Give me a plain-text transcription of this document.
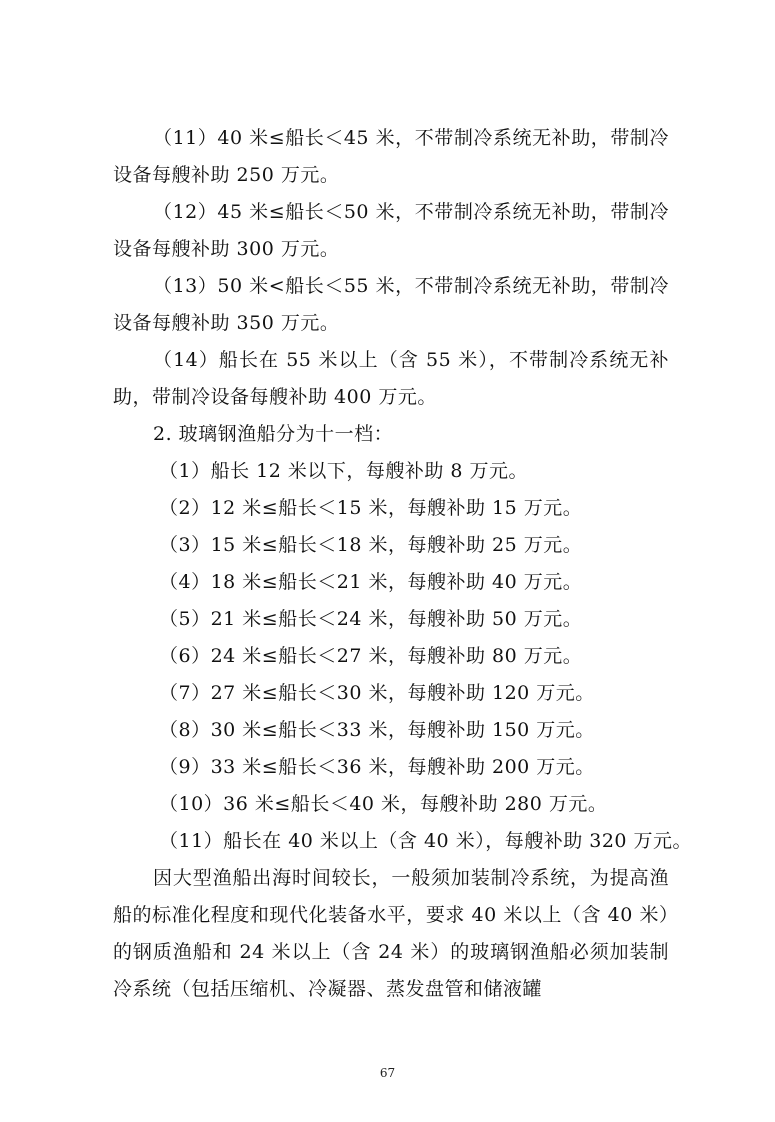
（11）40 米≤船长＜45 米，不带制冷系统无补助，带制冷设备每艘补助 250 万元。

（12）45 米≤船长＜50 米，不带制冷系统无补助，带制冷设备每艘补助 300 万元。

（13）50 米<船长＜55 米，不带制冷系统无补助，带制冷设备每艘补助 350 万元。

（14）船长在 55 米以上（含 55 米），不带制冷系统无补助，带制冷设备每艘补助 400 万元。

2. 玻璃钢渔船分为十一档：

（1）船长 12 米以下，每艘补助 8 万元。

（2）12 米≤船长＜15 米，每艘补助 15 万元。

（3）15 米≤船长＜18 米，每艘补助 25 万元。

（4）18 米≤船长＜21 米，每艘补助 40 万元。

（5）21 米≤船长＜24 米，每艘补助 50 万元。

（6）24 米≤船长＜27 米，每艘补助 80 万元。

（7）27 米≤船长＜30 米，每艘补助 120 万元。

（8）30 米≤船长＜33 米，每艘补助 150 万元。

（9）33 米≤船长＜36 米，每艘补助 200 万元。

（10）36 米≤船长＜40 米，每艘补助 280 万元。

（11）船长在 40 米以上（含 40 米），每艘补助 320 万元。

因大型渔船出海时间较长，一般须加装制冷系统，为提高渔船的标准化程度和现代化装备水平，要求 40 米以上（含 40 米）的钢质渔船和 24 米以上（含 24 米）的玻璃钢渔船必须加装制冷系统（包括压缩机、冷凝器、蒸发盘管和储液罐

67
